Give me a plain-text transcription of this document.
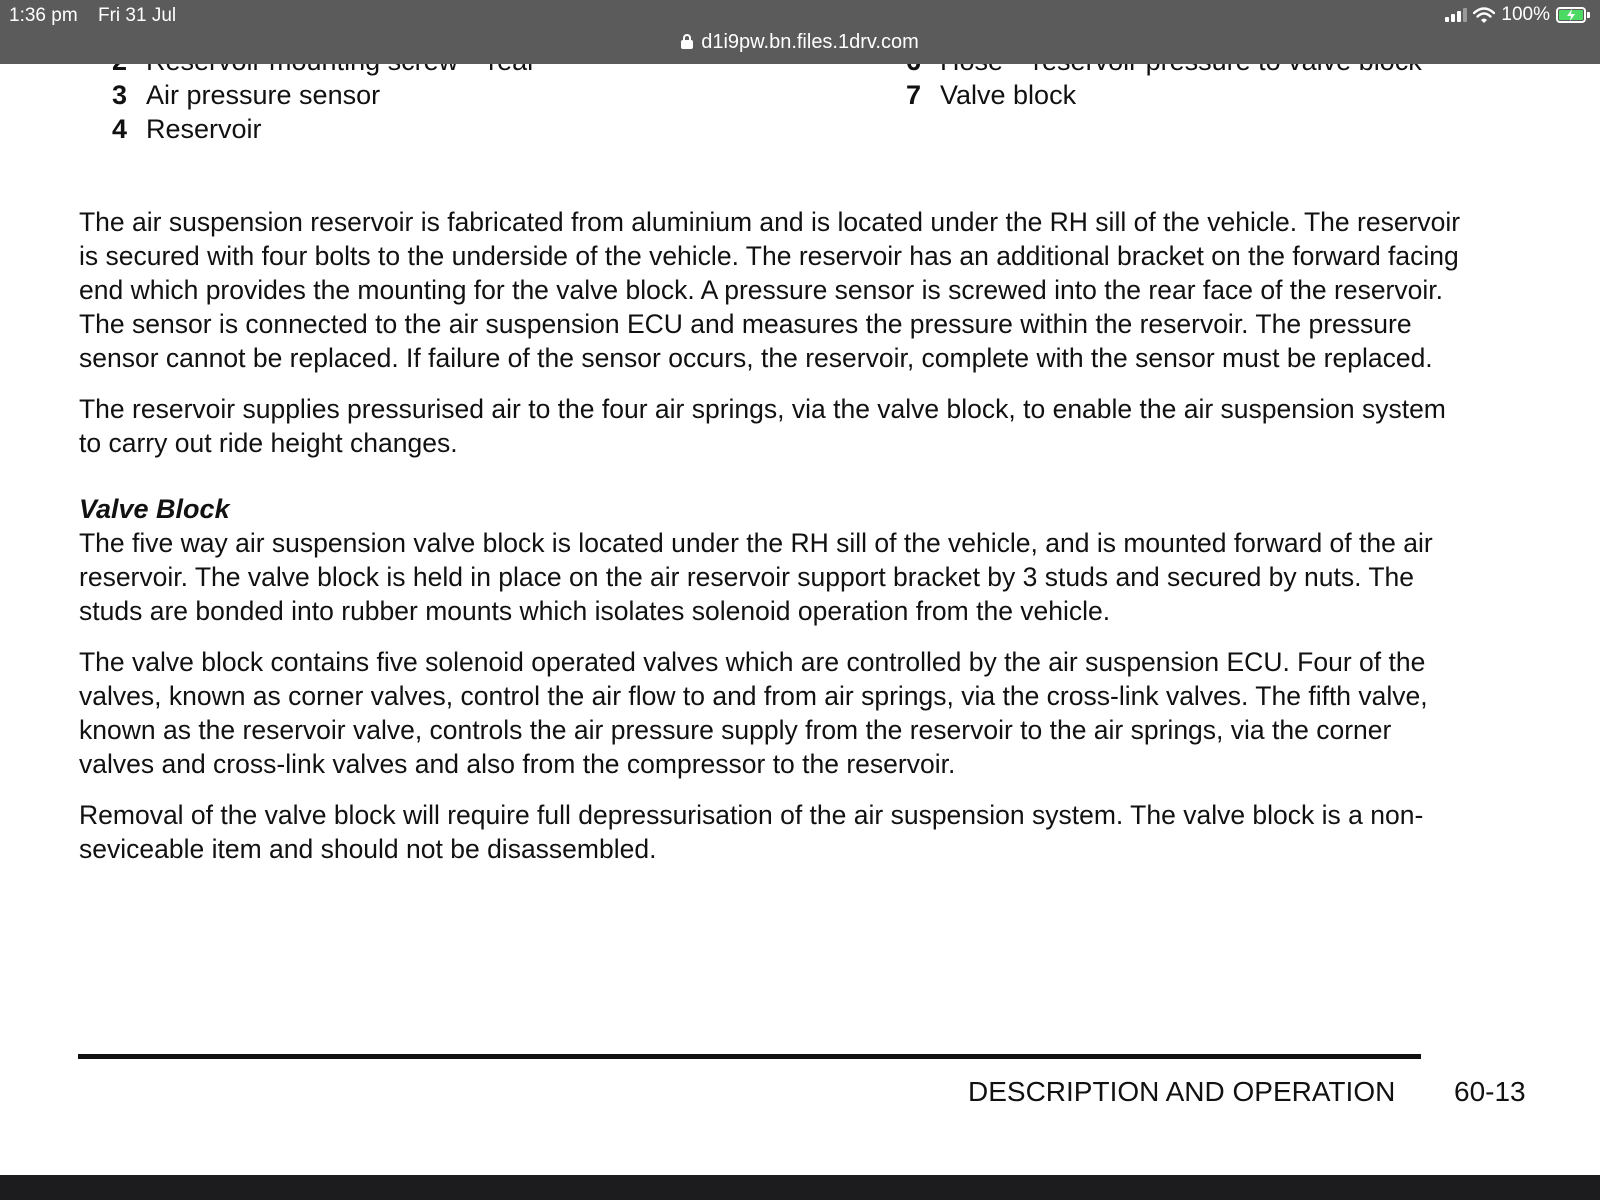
3 Air pressure sensor
4 Reservoir
7 Valve block
The air suspension reservoir is fabricated from aluminium and is located under the RH sill of the vehicle. The reservoir
is secured with four bolts to the underside of the vehicle. The reservoir has an additional bracket on the forward facing
end which provides the mounting for the valve block. A pressure sensor is screwed into the rear face of the reservoir.
The sensor is connected to the air suspension ECU and measures the pressure within the reservoir. The pressure
sensor cannot be replaced. If failure of the sensor occurs, the reservoir, complete with the sensor must be replaced.
The reservoir supplies pressurised air to the four air springs, via the valve block, to enable the air suspension system
to carry out ride height changes.
Valve Block
The five way air suspension valve block is located under the RH sill of the vehicle, and is mounted forward of the air
reservoir. The valve block is held in place on the air reservoir support bracket by 3 studs and secured by nuts. The
studs are bonded into rubber mounts which isolates solenoid operation from the vehicle.
The valve block contains five solenoid operated valves which are controlled by the air suspension ECU. Four of the
valves, known as corner valves, control the air flow to and from air springs, via the cross-link valves. The fifth valve,
known as the reservoir valve, controls the air pressure supply from the reservoir to the air springs, via the corner
valves and cross-link valves and also from the compressor to the reservoir.
Removal of the valve block will require full depressurisation of the air suspension system. The valve block is a non-
seviceable item and should not be disassembled.
DESCRIPTION AND OPERATION 60-13
1:36 pm Fri 31 Jul	100%
d1i9pw.bn.files.1drv.com
